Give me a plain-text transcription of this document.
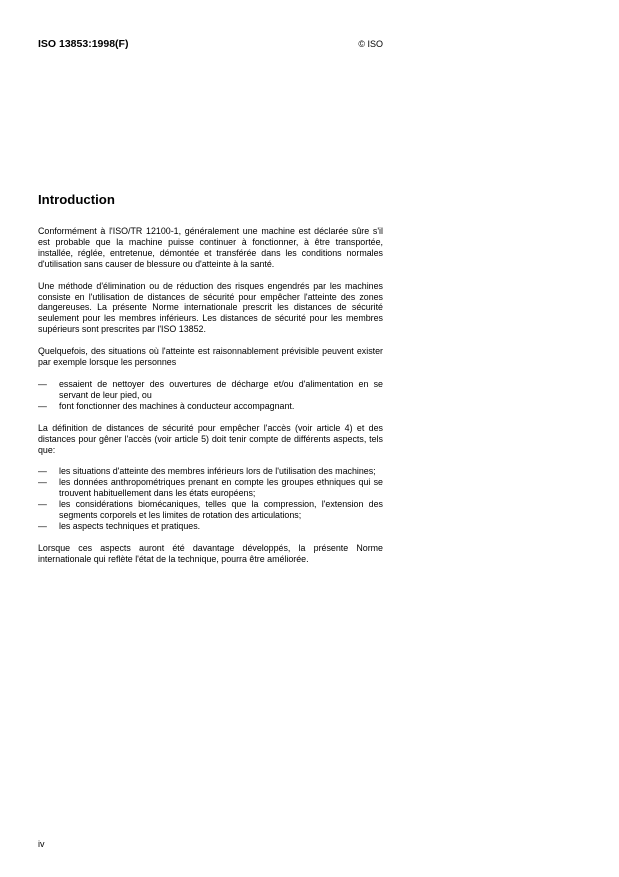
ISO 13853:1998(F)	© ISO
Introduction

Conformément à l'ISO/TR 12100-1, généralement une machine est déclarée sûre s'il est probable que la machine puisse continuer à fonctionner, à être transportée, installée, réglée, entretenue, démontée et transférée dans les conditions normales d'utilisation sans causer de blessure ou d'atteinte à la santé.

Une méthode d'élimination ou de réduction des risques engendrés par les machines consiste en l'utilisation de distances de sécurité pour empêcher l'atteinte des zones dangereuses. La présente Norme internationale prescrit les distances de sécurité seulement pour les membres inférieurs. Les distances de sécurité pour les membres supérieurs sont prescrites par l'ISO 13852.

Quelquefois, des situations où l'atteinte est raisonnablement prévisible peuvent exister par exemple lorsque les personnes

— essaient de nettoyer des ouvertures de décharge et/ou d'alimentation en se servant de leur pied, ou
— font fonctionner des machines à conducteur accompagnant.

La définition de distances de sécurité pour empêcher l'accès (voir article 4) et des distances pour gêner l'accès (voir article 5) doit tenir compte de différents aspects, tels que:

— les situations d'atteinte des membres inférieurs lors de l'utilisation des machines;
— les données anthropométriques prenant en compte les groupes ethniques qui se trouvent habituellement dans les états européens;
— les considérations biomécaniques, telles que la compression, l'extension des segments corporels et les limites de rotation des articulations;
— les aspects techniques et pratiques.

Lorsque ces aspects auront été davantage développés, la présente Norme internationale qui reflète l'état de la technique, pourra être améliorée.

iv
